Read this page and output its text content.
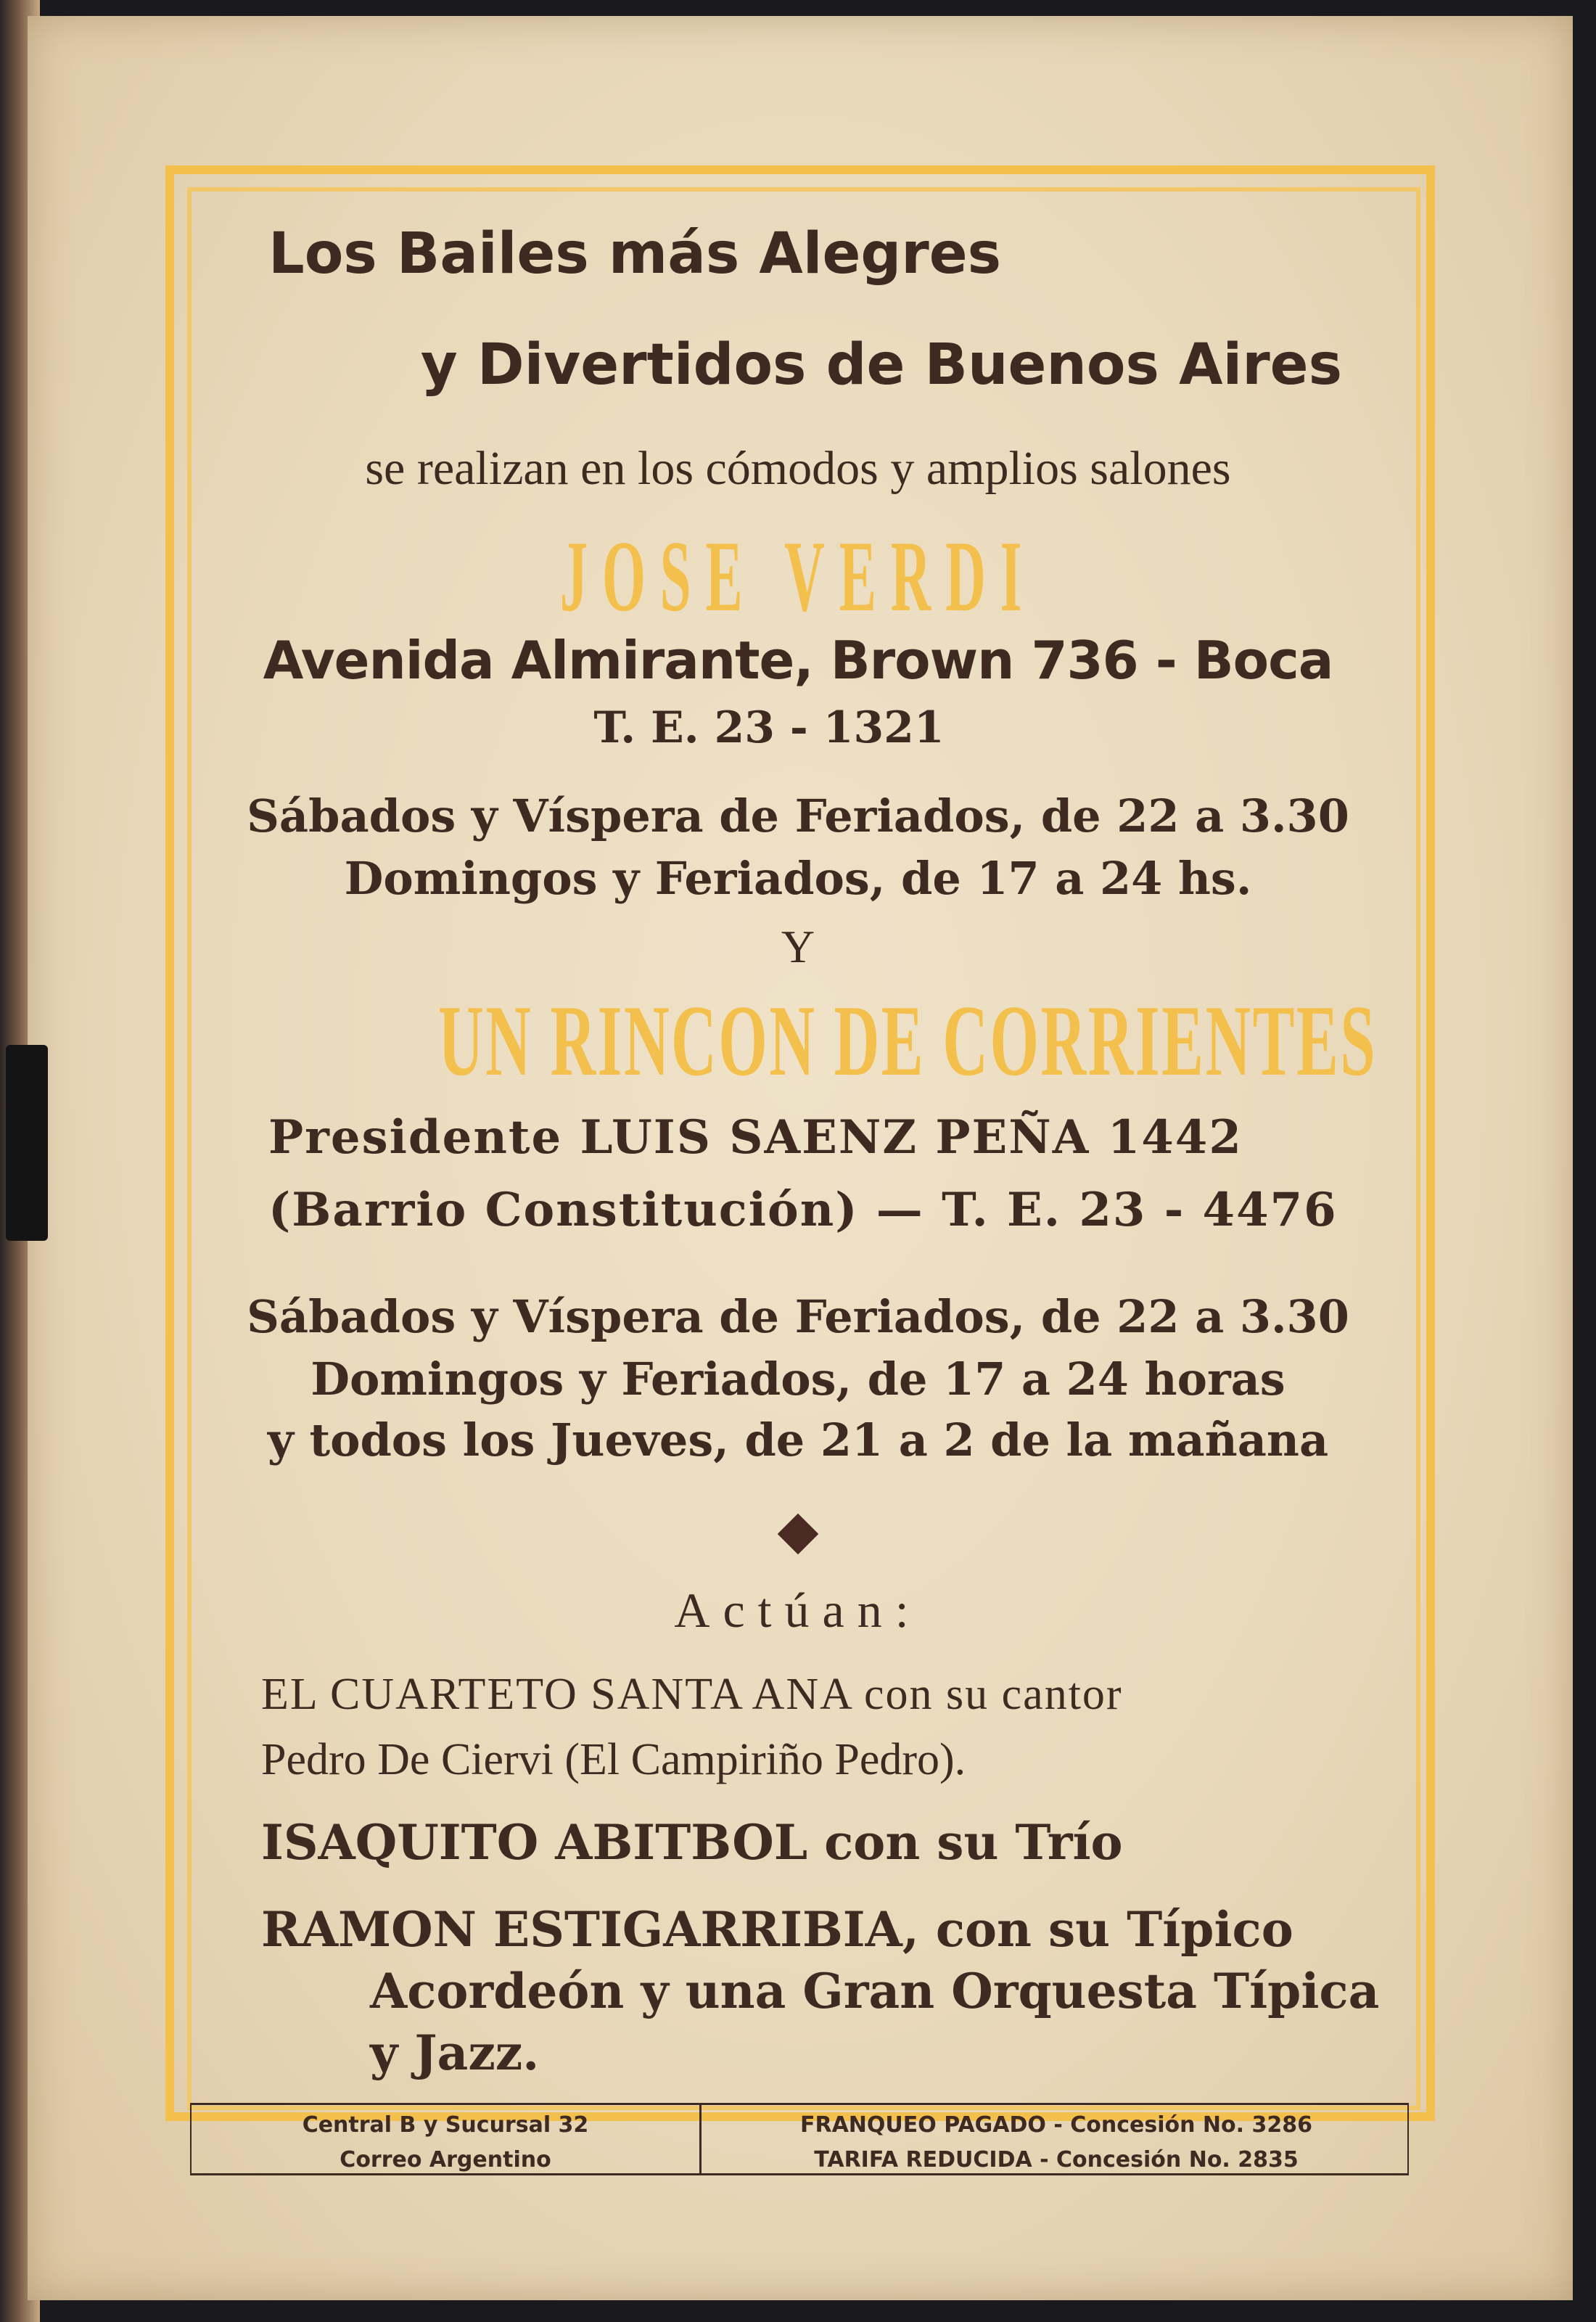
Los Bailes más Alegres
y Divertidos de Buenos Aires
se realizan en los cómodos y amplios salones
JOSE VERDI
Avenida Almirante, Brown 736 - Boca
T. E. 23 - 1321
Sábados y Víspera de Feriados, de 22 a 3.30
Domingos y Feriados, de 17 a 24 hs.
Y
UN RINCON DE CORRIENTES
Presidente LUIS SAENZ PEÑA 1442
(Barrio Constitución) — T. E. 23 - 4476
Sábados y Víspera de Feriados, de 22 a 3.30
Domingos y Feriados, de 17 a 24 horas
y todos los Jueves, de 21 a 2 de la mañana
Actúan:
EL CUARTETO SANTA ANA con su cantor
Pedro De Ciervi (El Campiriño Pedro).
ISAQUITO ABITBOL con su Trío
RAMON ESTIGARRIBIA, con su Típico
Acordeón y una Gran Orquesta Típica
y Jazz.
Central B y Sucursal 32
Correo Argentino
FRANQUEO PAGADO - Concesión No. 3286
TARIFA REDUCIDA - Concesión No. 2835
